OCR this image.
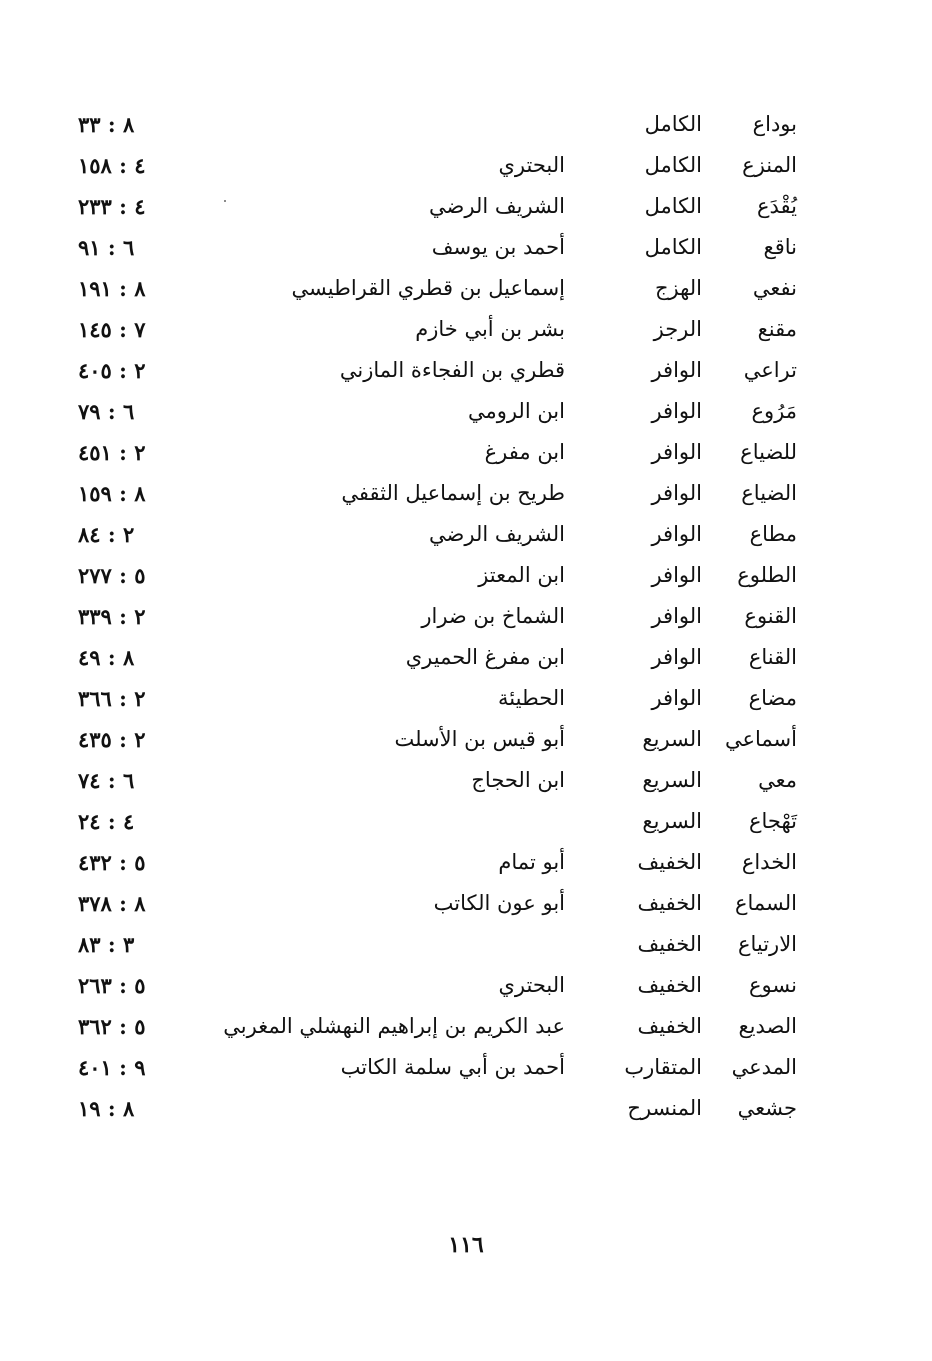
بوداع
الكامل
٨ : ٣٣
المنزع
الكامل
البحتري
٤ : ١٥٨
يُقْدَع
الكامل
الشريف الرضي
٤ : ٢٣٣
ناقع
الكامل
أحمد بن يوسف
٦ : ٩١
نفعي
الهزج
إسماعيل بن قطري القراطيسي
٨ : ١٩١
مقنع
الرجز
بشر بن أبي خازم
٧ : ١٤٥
تراعي
الوافر
قطري بن الفجاءة المازني
٢ : ٤٠٥
مَرُوع
الوافر
ابن الرومي
٦ : ٧٩
للضياع
الوافر
ابن مفرغ
٢ : ٤٥١
الضياع
الوافر
طريح بن إسماعيل الثقفي
٨ : ١٥٩
مطاع
الوافر
الشريف الرضي
٢ : ٨٤
الطلوع
الوافر
ابن المعتز
٥ : ٢٧٧
القنوع
الوافر
الشماخ بن ضرار
٢ : ٣٣٩
القناع
الوافر
ابن مفرغ الحميري
٨ : ٤٩
مضاع
الوافر
الحطيئة
٢ : ٣٦٦
أسماعي
السريع
أبو قيس بن الأسلت
٢ : ٤٣٥
معي
السريع
ابن الحجاج
٦ : ٧٤
تَهْجاع
السريع
٤ : ٢٤
الخداع
الخفيف
أبو تمام
٥ : ٤٣٢
السماع
الخفيف
أبو عون الكاتب
٨ : ٣٧٨
الارتياع
الخفيف
٣ : ٨٣
نسوع
الخفيف
البحتري
٥ : ٢٦٣
الصديع
الخفيف
عبد الكريم بن إبراهيم النهشلي المغربي
٥ : ٣٦٢
المدعي
المتقارب
أحمد بن أبي سلمة الكاتب
٩ : ٤٠١
جشعي
المنسرح
٨ : ١٩
١١٦
